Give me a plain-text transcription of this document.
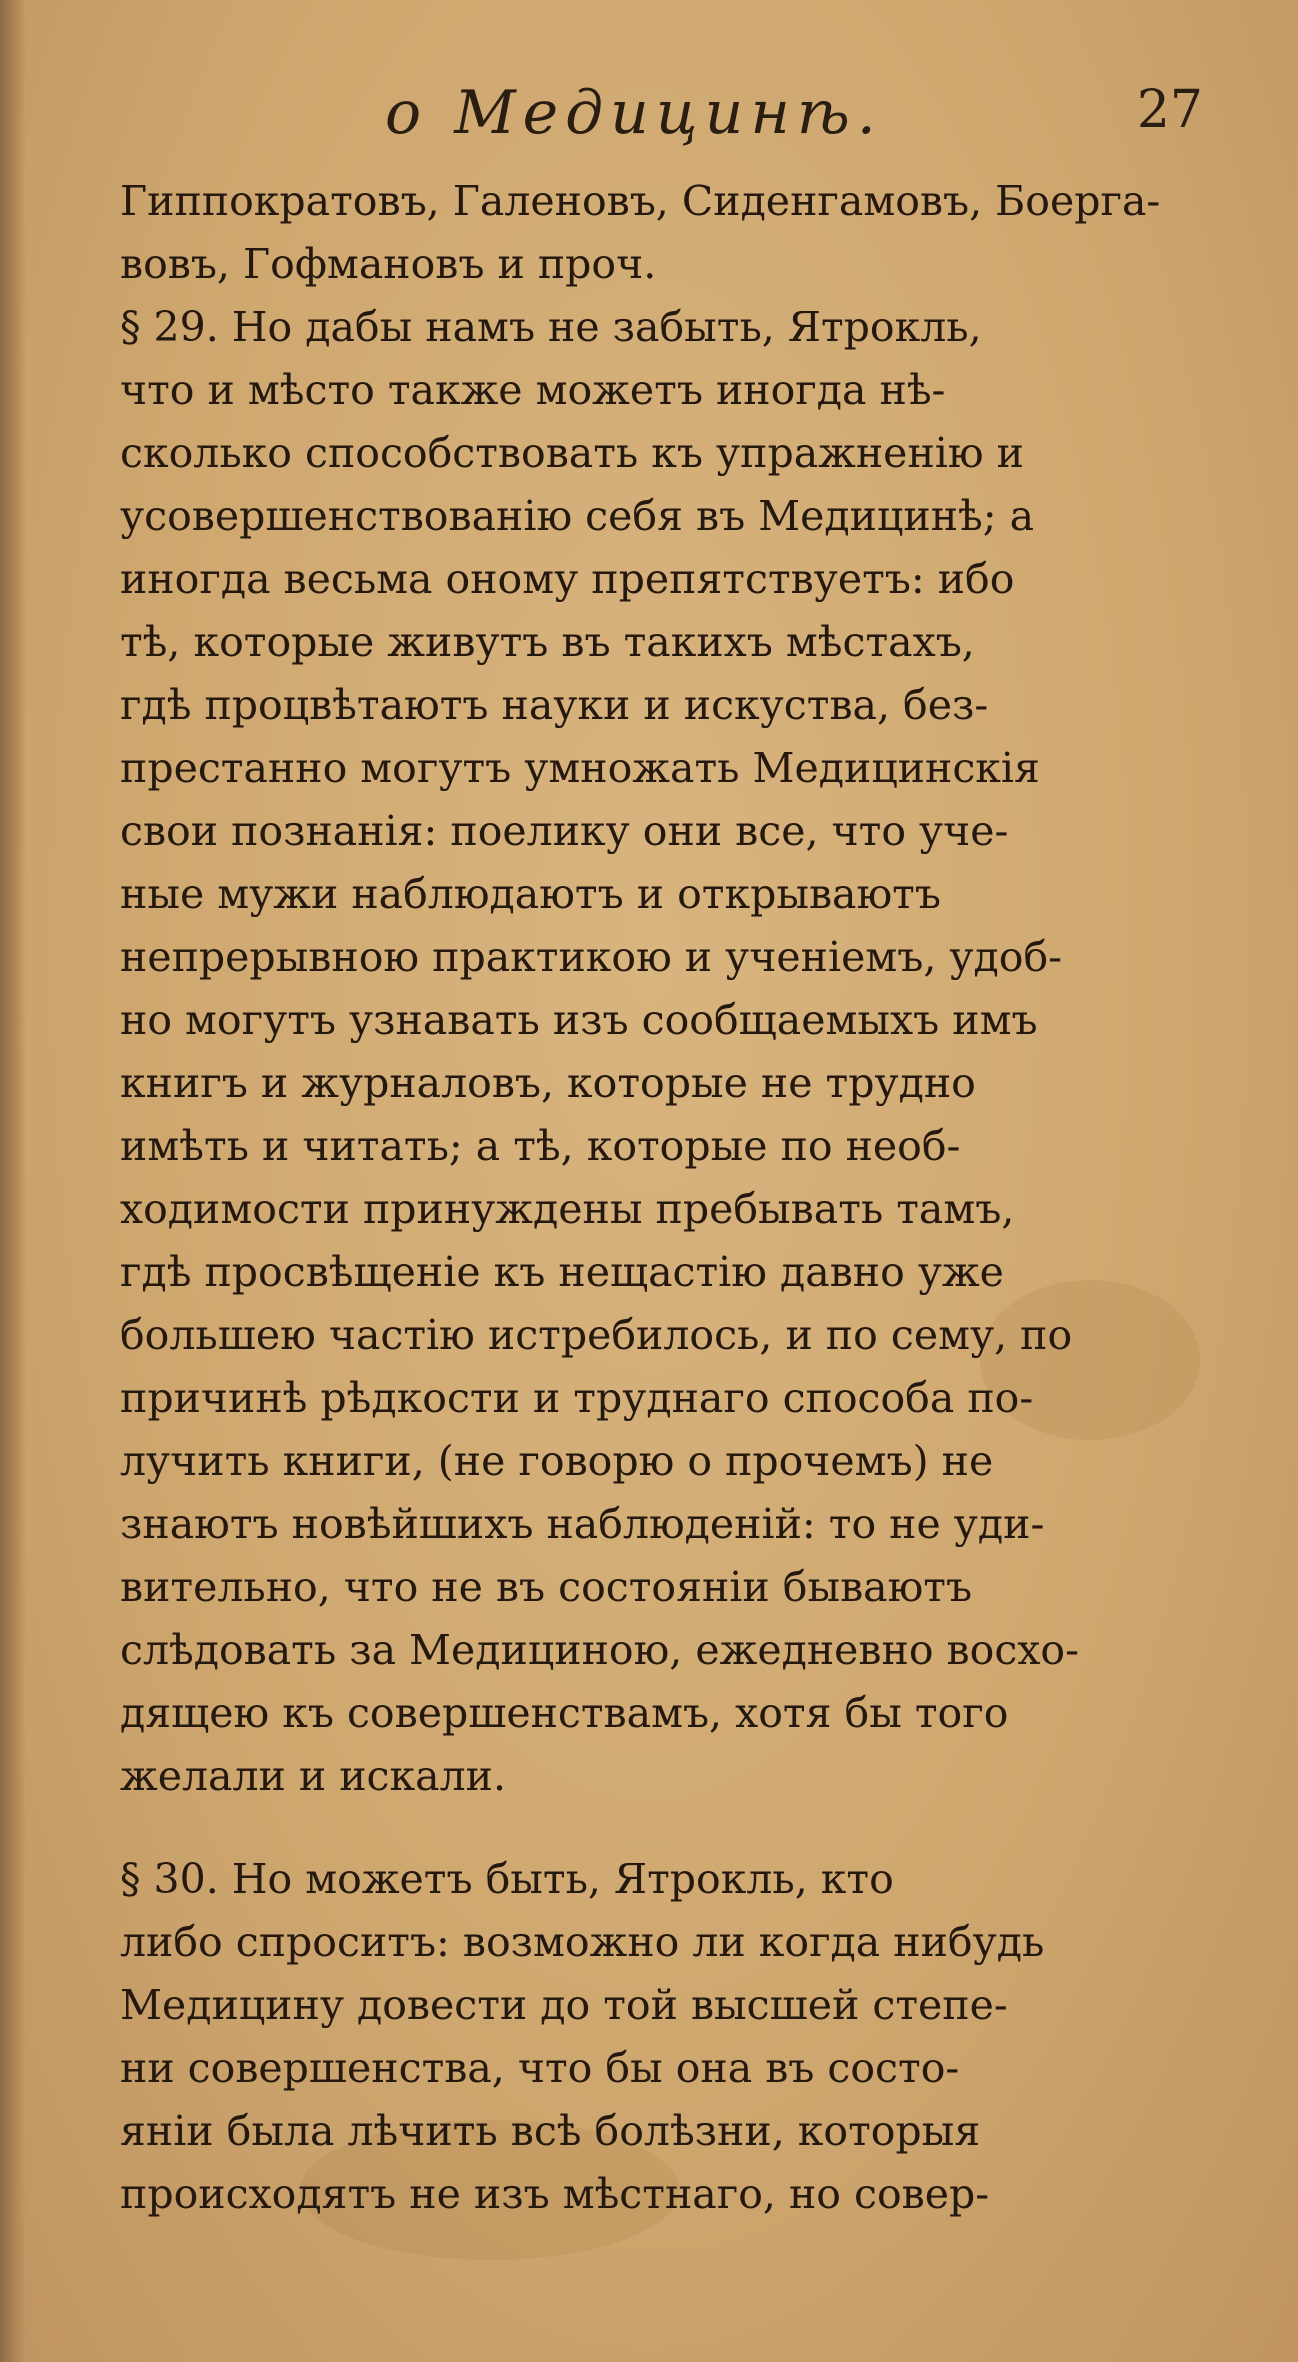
о Медицинѣ.	27
Гиппократовъ, Галеновъ, Сиденгамовъ, Боерга-
вовъ, Гофмановъ и проч.
§ 29. Но дабы намъ не забыть, Ятрокль,
что и мѣсто также можетъ иногда нѣ-
сколько способствовать къ упражненію и
усовершенствованію себя въ Медицинѣ; а
иногда весьма оному препятствуетъ: ибо
тѣ, которые живутъ въ такихъ мѣстахъ,
гдѣ процвѣтаютъ науки и искуства, без-
престанно могутъ умножать Медицинскія
свои познанія: поелику они все, что уче-
ные мужи наблюдаютъ и открываютъ
непрерывною практикою и ученіемъ, удоб-
но могутъ узнавать изъ сообщаемыхъ имъ
книгъ и журналовъ, которые не трудно
имѣть и читать; а тѣ, которые по необ-
ходимости принуждены пребывать тамъ,
гдѣ просвѣщеніе къ нещастію давно уже
большею частію истребилось, и по сему, по
причинѣ рѣдкости и труднаго способа по-
лучить книги, (не говорю о прочемъ) не
знаютъ новѣйшихъ наблюденій: то не уди-
вительно, что не въ состояніи бываютъ
слѣдовать за Медициною, ежедневно восхо-
дящею къ совершенствамъ, хотя бы того
желали и искали.
§ 30. Но можетъ быть, Ятрокль, кто
либо спроситъ: возможно ли когда нибудь
Медицину довести до той высшей степе-
ни совершенства, что бы она въ состо-
яніи была лѣчить всѣ болѣзни, которыя
происходятъ не изъ мѣстнаго, но совер-
